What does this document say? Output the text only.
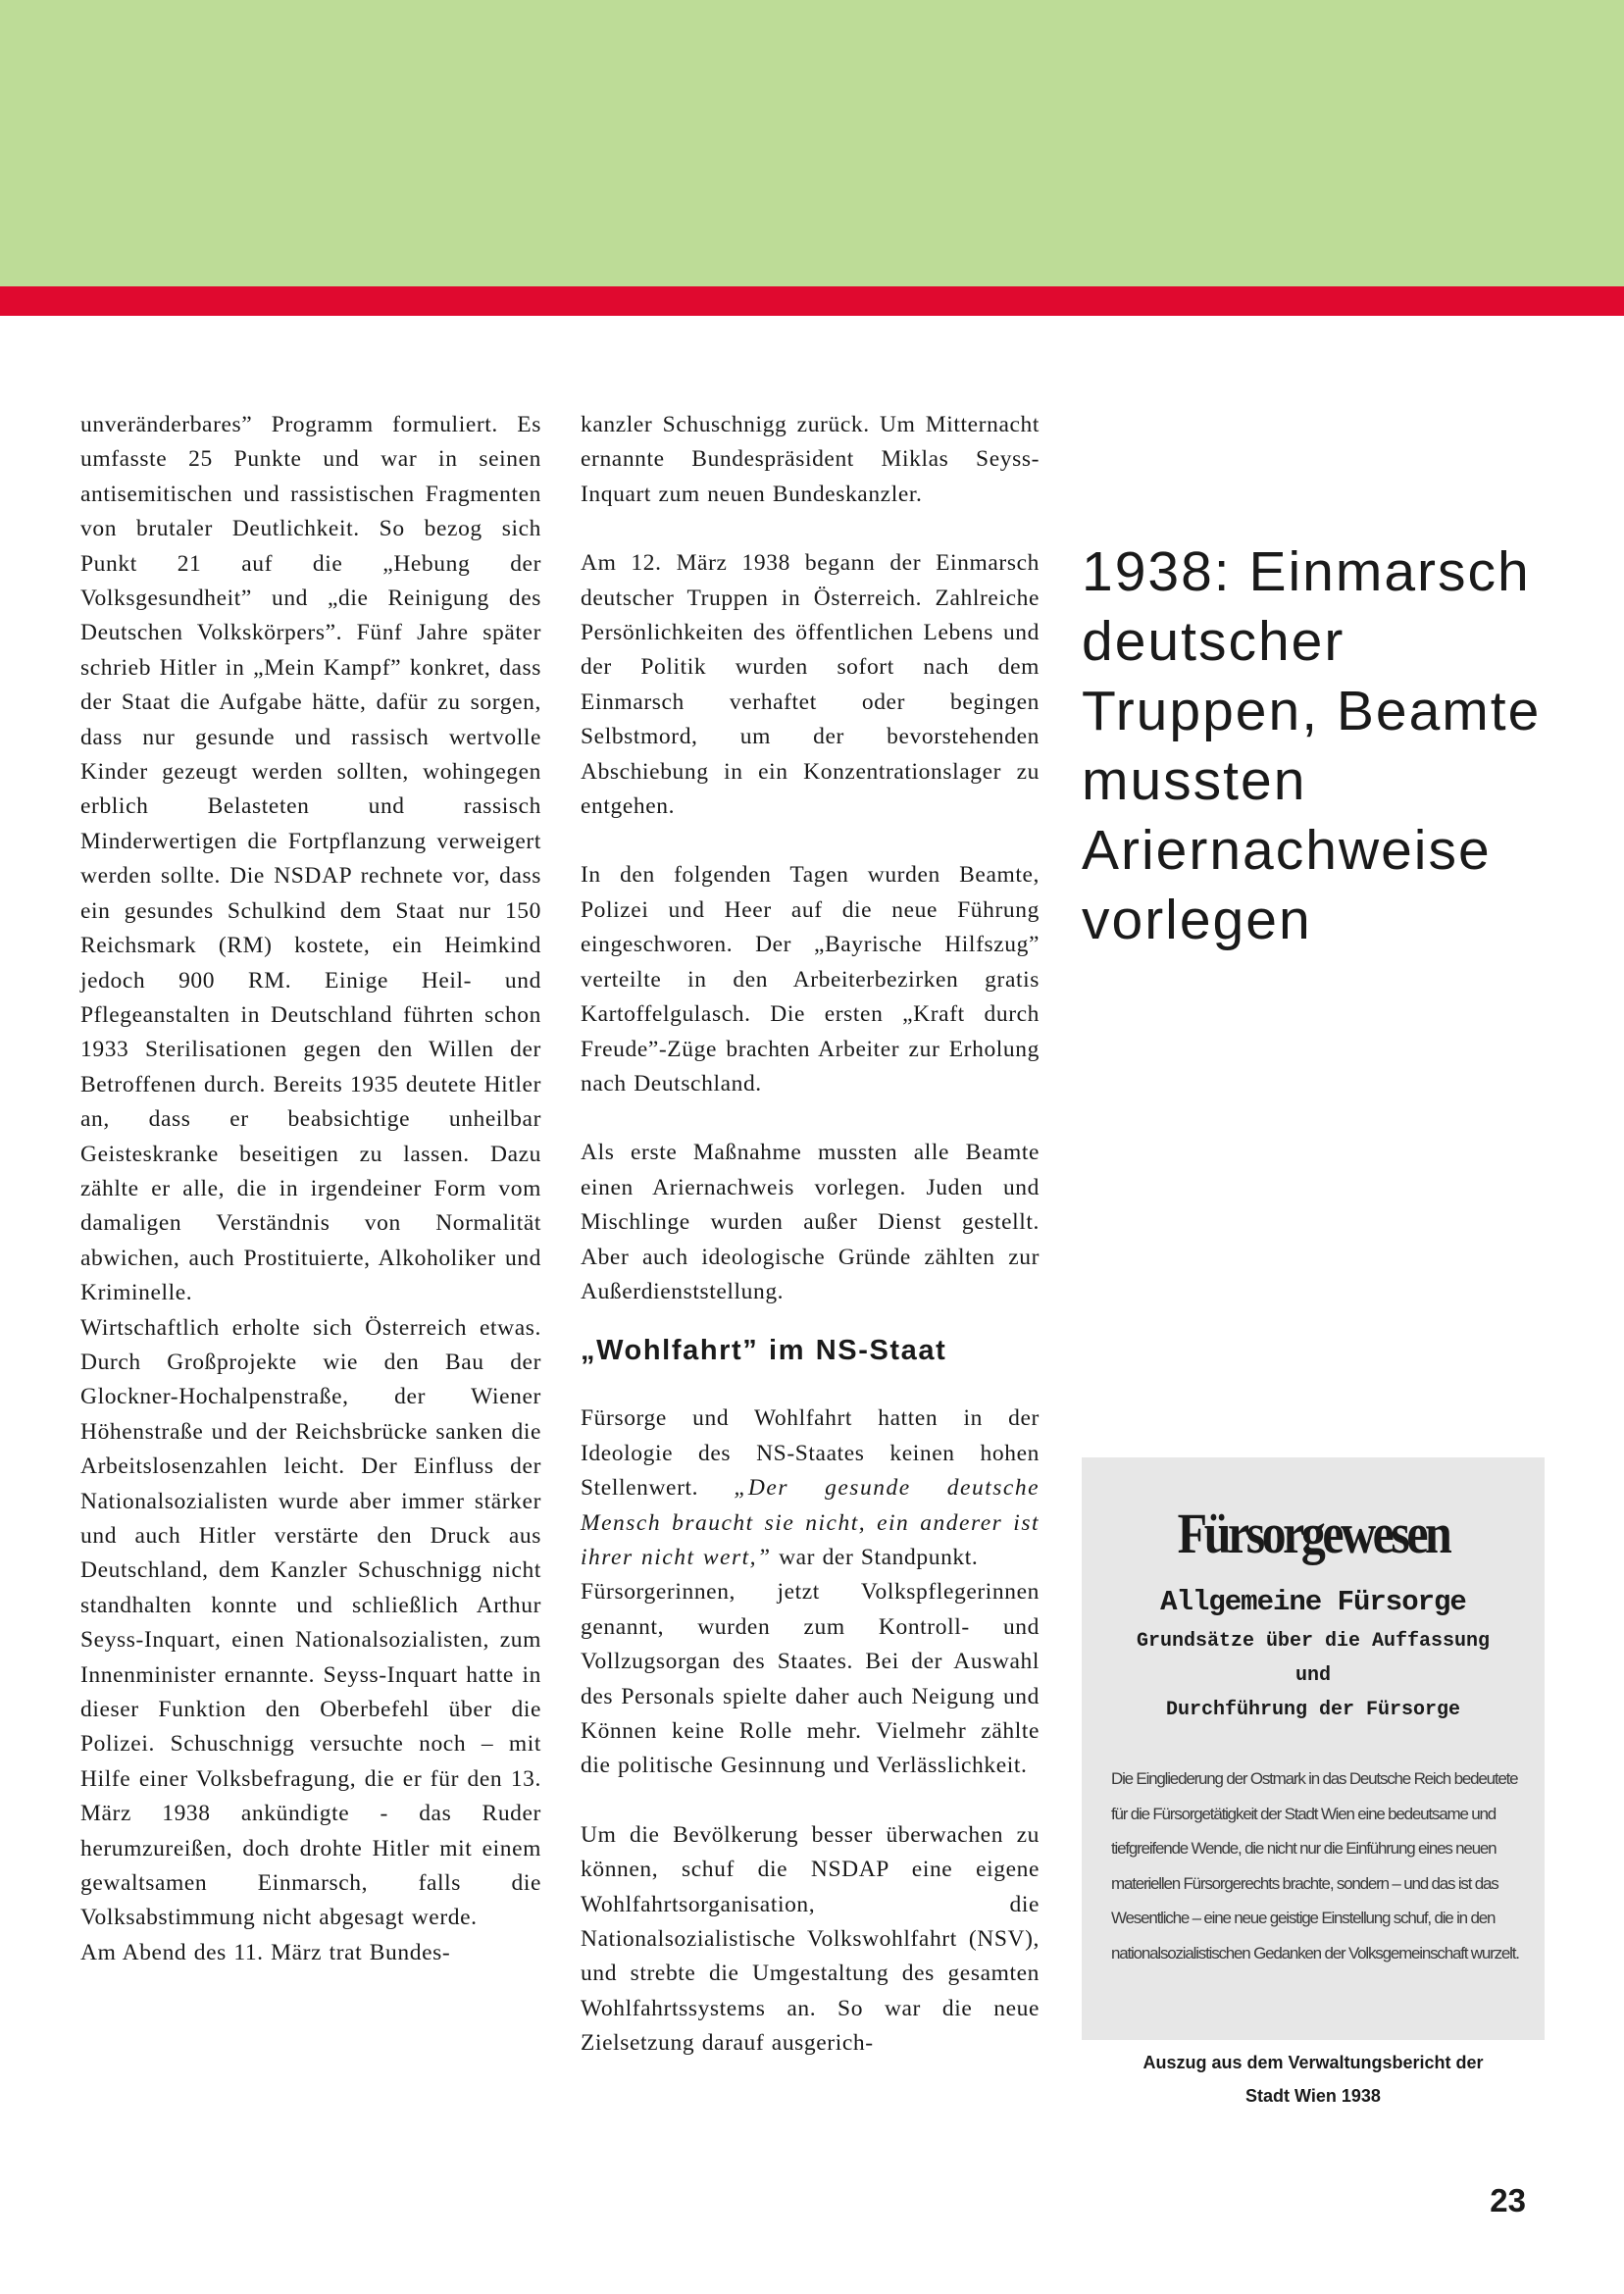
unveränderbares” Programm formuliert. Es umfasste 25 Punkte und war in seinen antisemitischen und rassistischen Fragmenten von brutaler Deutlichkeit. So bezog sich Punkt 21 auf die „Hebung der Volksgesundheit” und „die Reinigung des Deutschen Volkskörpers”. Fünf Jahre später schrieb Hitler in „Mein Kampf” konkret, dass der Staat die Aufgabe hätte, dafür zu sorgen, dass nur gesunde und rassisch wertvolle Kinder gezeugt werden sollten, wohingegen erblich Belasteten und rassisch Minderwertigen die Fortpflanzung verweigert werden sollte. Die NSDAP rechnete vor, dass ein gesundes Schulkind dem Staat nur 150 Reichsmark (RM) kostete, ein Heimkind jedoch 900 RM. Einige Heil- und Pflegeanstalten in Deutschland führten schon 1933 Sterilisationen gegen den Willen der Betroffenen durch. Bereits 1935 deutete Hitler an, dass er beabsichtige unheilbar Geisteskranke beseitigen zu lassen. Dazu zählte er alle, die in irgendeiner Form vom damaligen Verständnis von Normalität abwichen, auch Prostituierte, Alkoholiker und Kriminelle.

Wirtschaftlich erholte sich Österreich etwas. Durch Großprojekte wie den Bau der Glockner-Hochalpenstraße, der Wiener Höhenstraße und der Reichsbrücke sanken die Arbeitslosenzahlen leicht. Der Einfluss der Nationalsozialisten wurde aber immer stärker und auch Hitler verstärte den Druck aus Deutschland, dem Kanzler Schuschnigg nicht standhalten konnte und schließlich Arthur Seyss-Inquart, einen Nationalsozialisten, zum Innenminister ernannte. Seyss-Inquart hatte in dieser Funktion den Oberbefehl über die Polizei. Schuschnigg versuchte noch – mit Hilfe einer Volksbefragung, die er für den 13. März 1938 ankündigte - das Ruder herumzureißen, doch drohte Hitler mit einem gewaltsamen Einmarsch, falls die Volksabstimmung nicht abgesagt werde.

Am Abend des 11. März trat Bundes-

kanzler Schuschnigg zurück. Um Mitternacht ernannte Bundespräsident Miklas Seyss-Inquart zum neuen Bundeskanzler.

Am 12. März 1938 begann der Einmarsch deutscher Truppen in Österreich. Zahlreiche Persönlichkeiten des öffentlichen Lebens und der Politik wurden sofort nach dem Einmarsch verhaftet oder begingen Selbstmord, um der bevorstehenden Abschiebung in ein Konzentrationslager zu entgehen.

In den folgenden Tagen wurden Beamte, Polizei und Heer auf die neue Führung eingeschworen. Der „Bayrische Hilfszug” verteilte in den Arbeiterbezirken gratis Kartoffelgulasch. Die ersten „Kraft durch Freude”-Züge brachten Arbeiter zur Erholung nach Deutschland.

Als erste Maßnahme mussten alle Beamte einen Ariernachweis vorlegen. Juden und Mischlinge wurden außer Dienst gestellt. Aber auch ideologische Gründe zählten zur Außerdienststellung.

„Wohlfahrt” im NS-Staat

Fürsorge und Wohlfahrt hatten in der Ideologie des NS-Staates keinen hohen Stellenwert. „Der gesunde deutsche Mensch braucht sie nicht, ein anderer ist ihrer nicht wert,” war der Standpunkt.
Fürsorgerinnen, jetzt Volkspflegerinnen genannt, wurden zum Kontroll- und Vollzugsorgan des Staates. Bei der Auswahl des Personals spielte daher auch Neigung und Können keine Rolle mehr. Vielmehr zählte die politische Gesinnung und Verlässlichkeit.

Um die Bevölkerung besser überwachen zu können, schuf die NSDAP eine eigene Wohlfahrtsorganisation, die Nationalsozialistische Volkswohlfahrt (NSV), und strebte die Umgestaltung des gesamten Wohlfahrtssystems an. So war die neue Zielsetzung darauf ausgerich-

1938: Einmarsch deutscher Truppen, Beamte mussten Ariernachweise vorlegen
Fürsorgewesen
Allgemeine Fürsorge
Grundsätze über die Auffassung
und
Durchführung der Fürsorge
Die Eingliederung der Ostmark in das Deutsche Reich bedeutete für die Fürsorgetätigkeit der Stadt Wien eine bedeutsame und tiefgreifende Wende, die nicht nur die Einführung eines neuen materiellen Fürsorgerechts brachte, sondern – und das ist das Wesentliche – eine neue geistige Einstellung schuf, die in den nationalsozialistischen Gedanken der Volksgemeinschaft wurzelt.
Auszug aus dem Verwaltungsbericht der
Stadt Wien 1938
23
